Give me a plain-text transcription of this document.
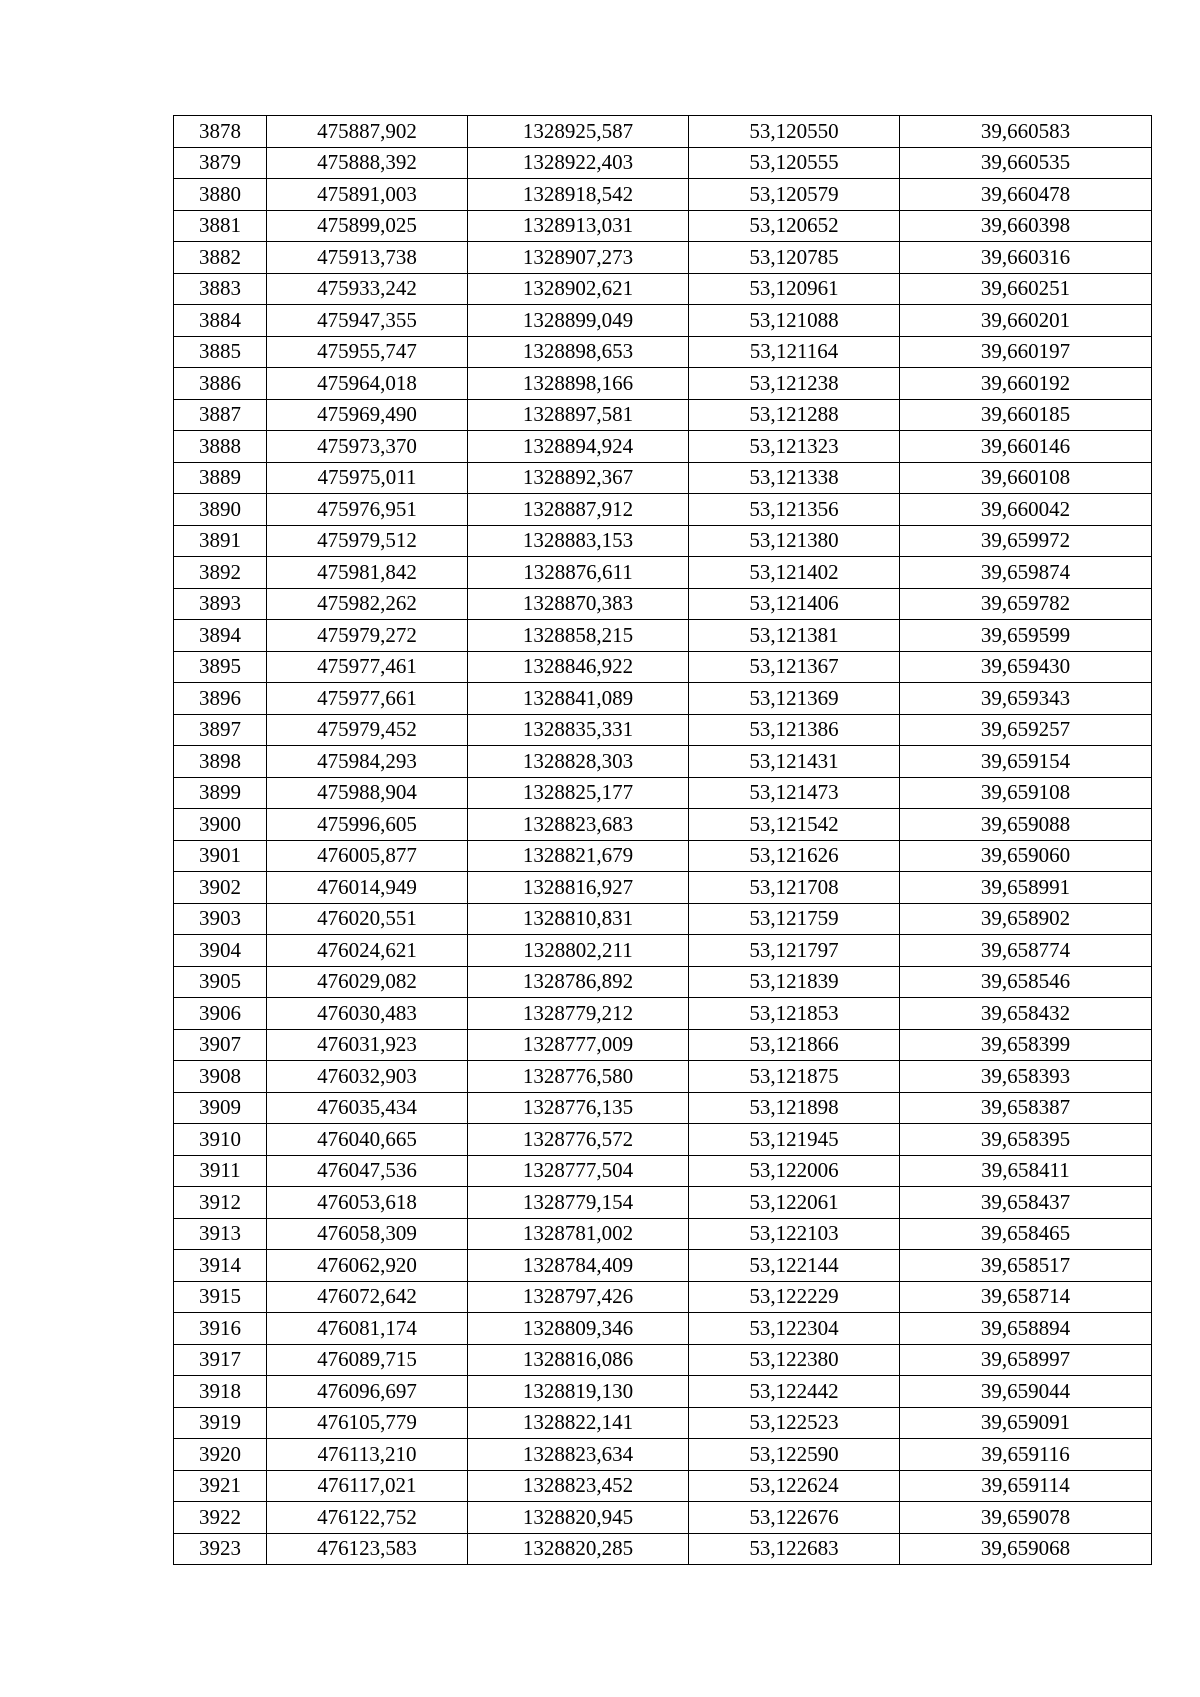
3878	475887,902	1328925,587	53,120550	39,660583
3879	475888,392	1328922,403	53,120555	39,660535
3880	475891,003	1328918,542	53,120579	39,660478
3881	475899,025	1328913,031	53,120652	39,660398
3882	475913,738	1328907,273	53,120785	39,660316
3883	475933,242	1328902,621	53,120961	39,660251
3884	475947,355	1328899,049	53,121088	39,660201
3885	475955,747	1328898,653	53,121164	39,660197
3886	475964,018	1328898,166	53,121238	39,660192
3887	475969,490	1328897,581	53,121288	39,660185
3888	475973,370	1328894,924	53,121323	39,660146
3889	475975,011	1328892,367	53,121338	39,660108
3890	475976,951	1328887,912	53,121356	39,660042
3891	475979,512	1328883,153	53,121380	39,659972
3892	475981,842	1328876,611	53,121402	39,659874
3893	475982,262	1328870,383	53,121406	39,659782
3894	475979,272	1328858,215	53,121381	39,659599
3895	475977,461	1328846,922	53,121367	39,659430
3896	475977,661	1328841,089	53,121369	39,659343
3897	475979,452	1328835,331	53,121386	39,659257
3898	475984,293	1328828,303	53,121431	39,659154
3899	475988,904	1328825,177	53,121473	39,659108
3900	475996,605	1328823,683	53,121542	39,659088
3901	476005,877	1328821,679	53,121626	39,659060
3902	476014,949	1328816,927	53,121708	39,658991
3903	476020,551	1328810,831	53,121759	39,658902
3904	476024,621	1328802,211	53,121797	39,658774
3905	476029,082	1328786,892	53,121839	39,658546
3906	476030,483	1328779,212	53,121853	39,658432
3907	476031,923	1328777,009	53,121866	39,658399
3908	476032,903	1328776,580	53,121875	39,658393
3909	476035,434	1328776,135	53,121898	39,658387
3910	476040,665	1328776,572	53,121945	39,658395
3911	476047,536	1328777,504	53,122006	39,658411
3912	476053,618	1328779,154	53,122061	39,658437
3913	476058,309	1328781,002	53,122103	39,658465
3914	476062,920	1328784,409	53,122144	39,658517
3915	476072,642	1328797,426	53,122229	39,658714
3916	476081,174	1328809,346	53,122304	39,658894
3917	476089,715	1328816,086	53,122380	39,658997
3918	476096,697	1328819,130	53,122442	39,659044
3919	476105,779	1328822,141	53,122523	39,659091
3920	476113,210	1328823,634	53,122590	39,659116
3921	476117,021	1328823,452	53,122624	39,659114
3922	476122,752	1328820,945	53,122676	39,659078
3923	476123,583	1328820,285	53,122683	39,659068
